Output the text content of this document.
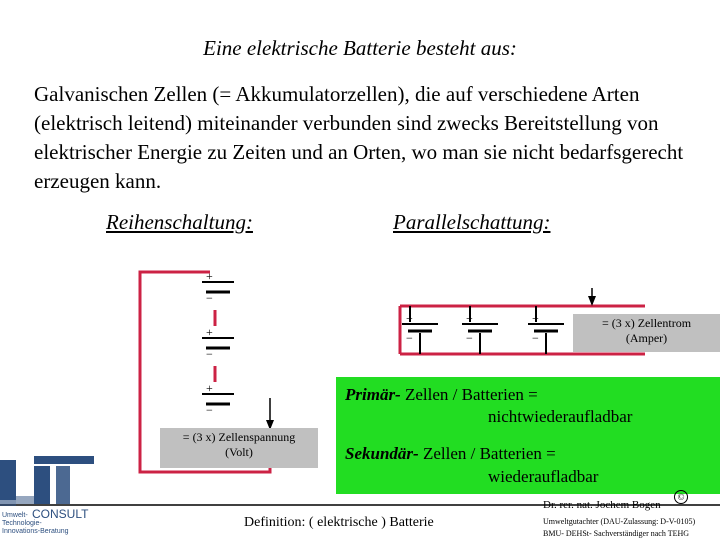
Eine elektrische Batterie besteht aus:
Galvanischen Zellen (= Akkumulatorzellen), die auf verschiedene Arten (elektrisch leitend) miteinander verbunden sind zwecks Bereitstellung von elektrischer Energie zu Zeiten und an Orten, wo man sie nicht bedarfsgerecht erzeugen kann.
Reihenschaltung:	Parallelschattung:
+
−
+
−
+
−
+
−
+
−
+
−
= (3 x) Zellenspannung
(Volt)
= (3 x) Zellentrom
(Amper)
Primär- Zellen / Batterien =
nichtwiederaufladbar
Sekundär- Zellen / Batterien =
wiederaufladbar
Dr. rer. nat. Jochem Bogen
©
Definition: ( elektrische ) Batterie	Umweltgutachter (DAU-Zulassung: D-V-0105)
BMU- DEHSt- Sachverständiger nach TEHG
CONSULT
Umwelt-
Technologie-
Innovations-Beratung
